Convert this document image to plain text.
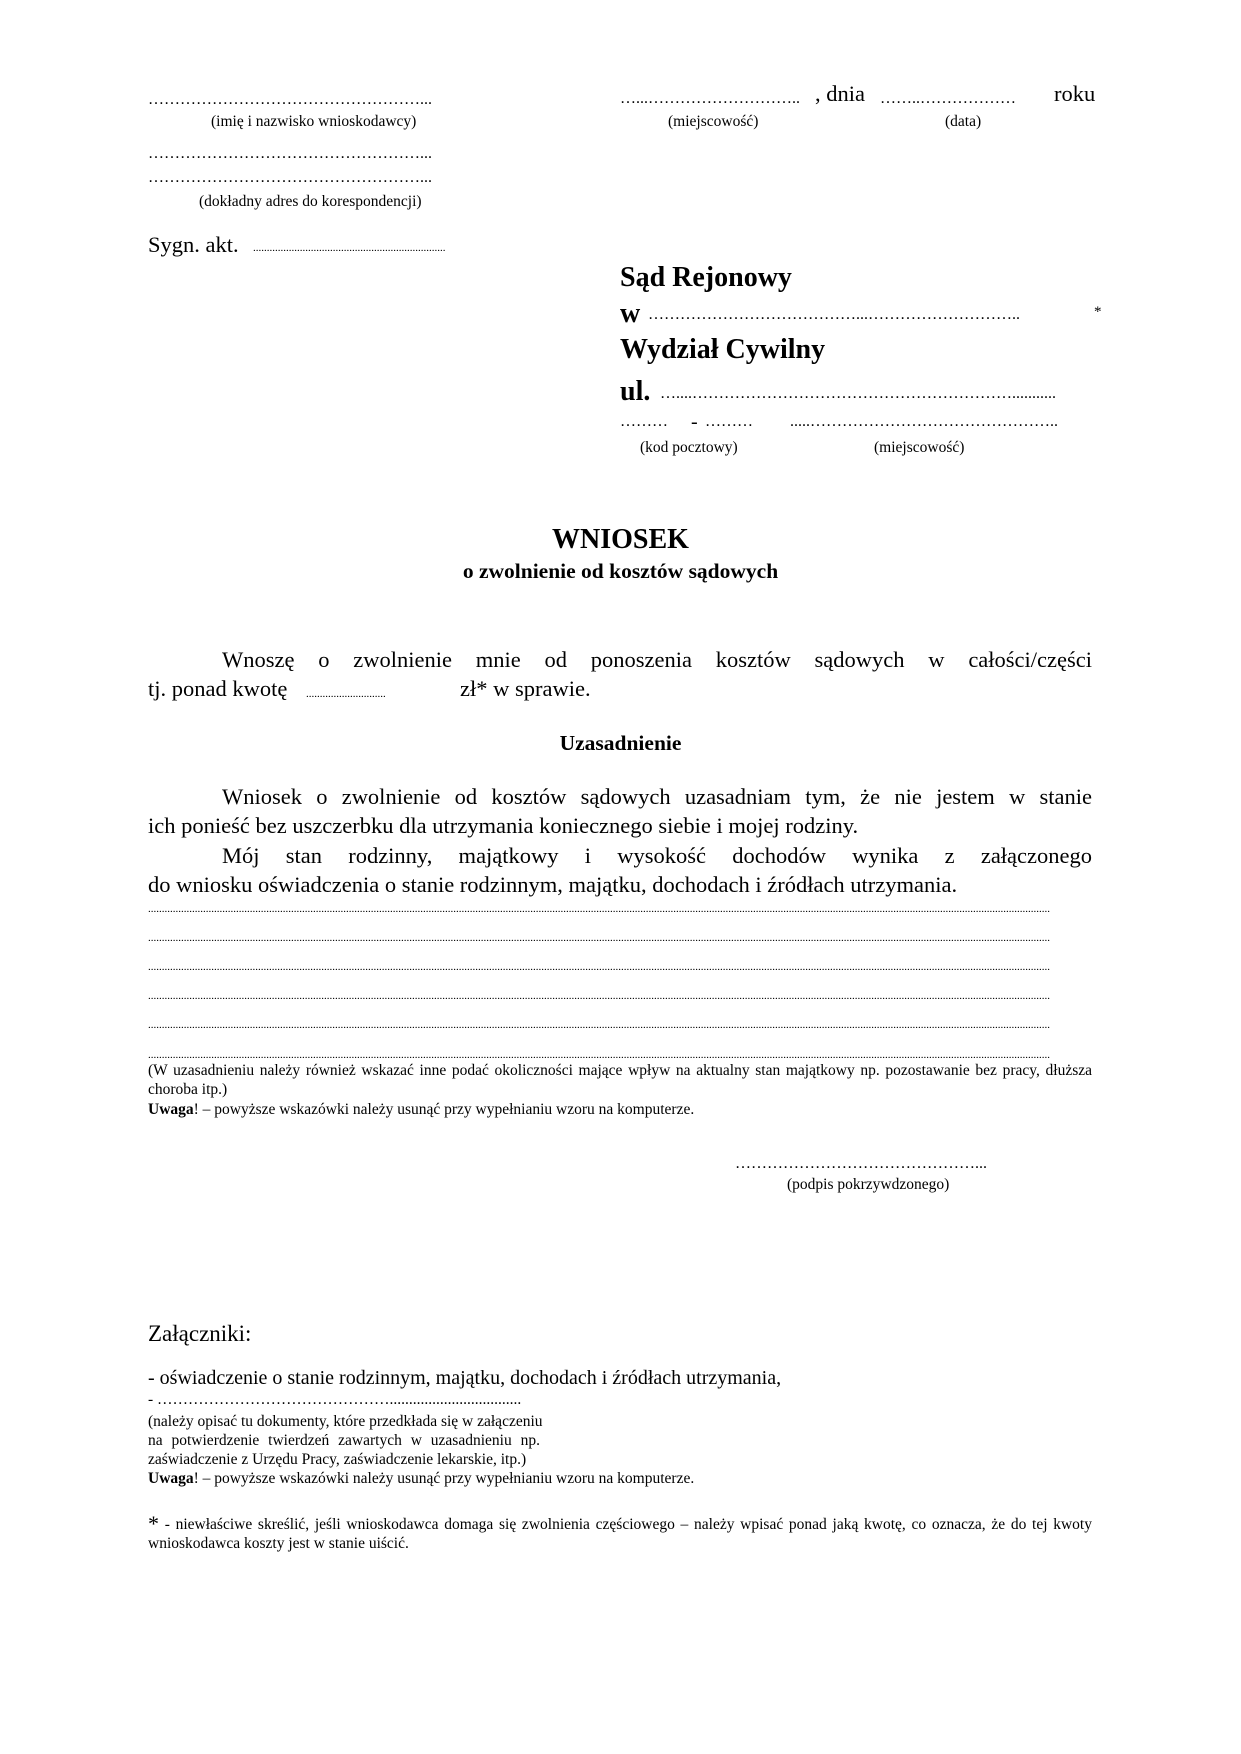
……………………………………………...
(imię i nazwisko wnioskodawcy)
……………………………………………...
……………………………………………...
(dokładny adres do korespondencji)
Sygn. akt. ......................................................................
…...……………………….. , dnia ……..……………… roku
(miejscowość)	(data)
Sąd Rejonowy
w …………………………………...………………………..	*
Wydział Cywilny
ul. …....……………………………………………………...........
……… - ……… .....………………………………………..
(kod pocztowy)	(miejscowość)
WNIOSEK
o zwolnienie od kosztów sądowych
Wnoszę o zwolnienie mnie od ponoszenia kosztów sądowych w całości/części
tj. ponad kwotę .............................	zł* w sprawie.
Uzasadnienie
Wniosek o zwolnienie od kosztów sądowych uzasadniam tym, że nie jestem w stanie
ich ponieść bez uszczerbku dla utrzymania koniecznego siebie i mojej rodziny.
Mój stan rodzinny, majątkowy i wysokość dochodów wynika z załączonego
do wniosku oświadczenia o stanie rodzinnym, majątku, dochodach i źródłach utrzymania.
.....
.....
.....
.....
.....
.....
(W uzasadnieniu należy również wskazać inne podać okoliczności mające wpływ na aktualny stan majątkowy np. pozostawanie bez pracy, dłuższa choroba itp.)
Uwaga! – powyższe wskazówki należy usunąć przy wypełnianiu wzoru na komputerze.
………………………………………...
(podpis pokrzywdzonego)
Załączniki:
- oświadczenie o stanie rodzinnym, majątku, dochodach i źródłach utrzymania,
- ………………………………………..................................
(należy opisać tu dokumenty, które przedkłada się w załączeniu
na potwierdzenie twierdzeń zawartych w uzasadnieniu np.
zaświadczenie z Urzędu Pracy, zaświadczenie lekarskie, itp.)
Uwaga! – powyższe wskazówki należy usunąć przy wypełnianiu wzoru na komputerze.
* - niewłaściwe skreślić, jeśli wnioskodawca domaga się zwolnienia częściowego – należy wpisać ponad jaką kwotę, co oznacza, że do tej kwoty wnioskodawca koszty jest w stanie uiścić.
